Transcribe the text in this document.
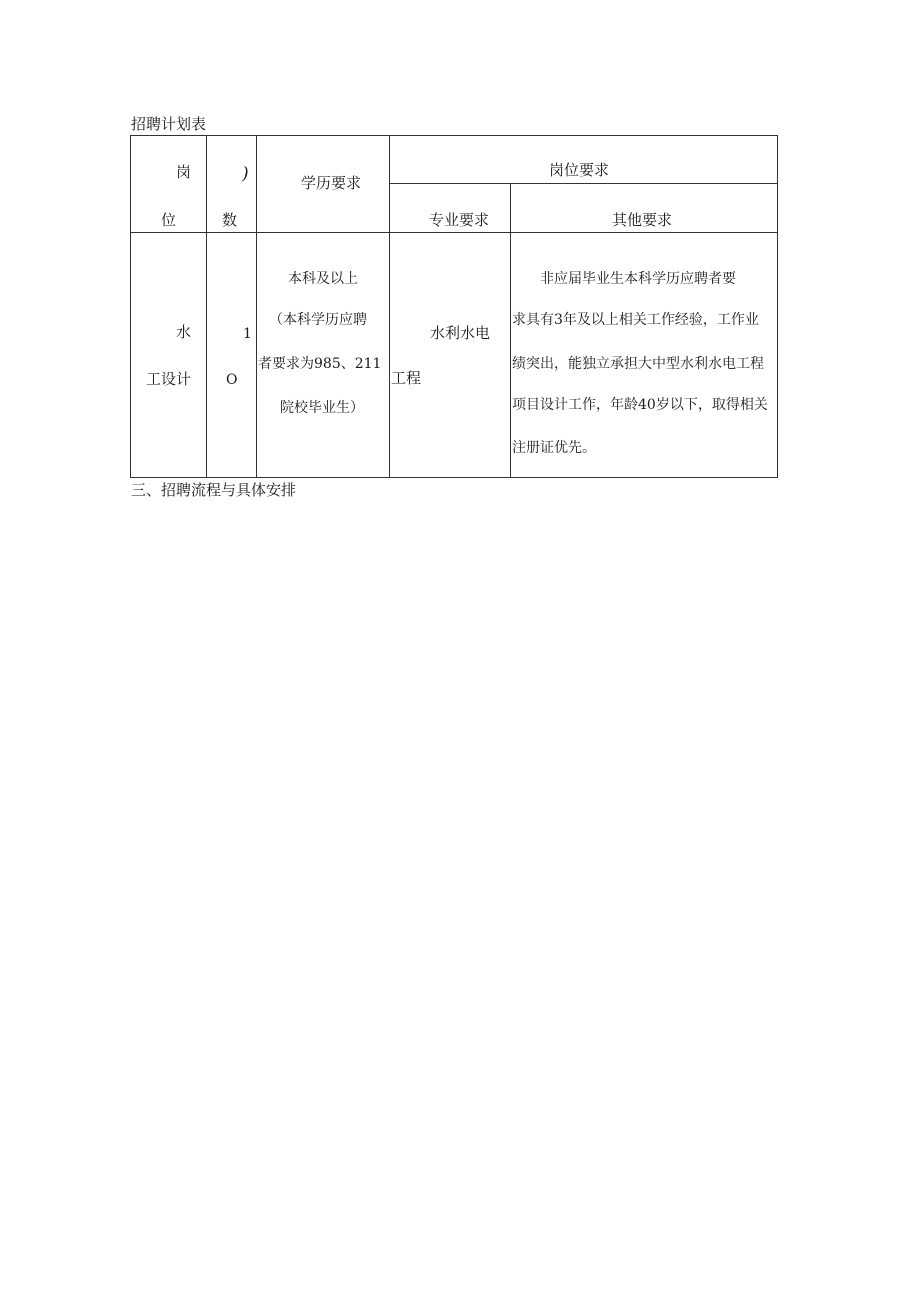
招聘计划表
岗
位
)
数
学历要求
岗位要求
专业要求	其他要求
水
工设计
1
O
本科及以上
（本科学历应聘
者要求为985、211
院校毕业生）
水利水电
工程
非应届毕业生本科学历应聘者要
求具有3年及以上相关工作经验，工作业
绩突出，能独立承担大中型水利水电工程
项目设计工作，年龄40岁以下，取得相关
注册证优先。
三、招聘流程与具体安排
